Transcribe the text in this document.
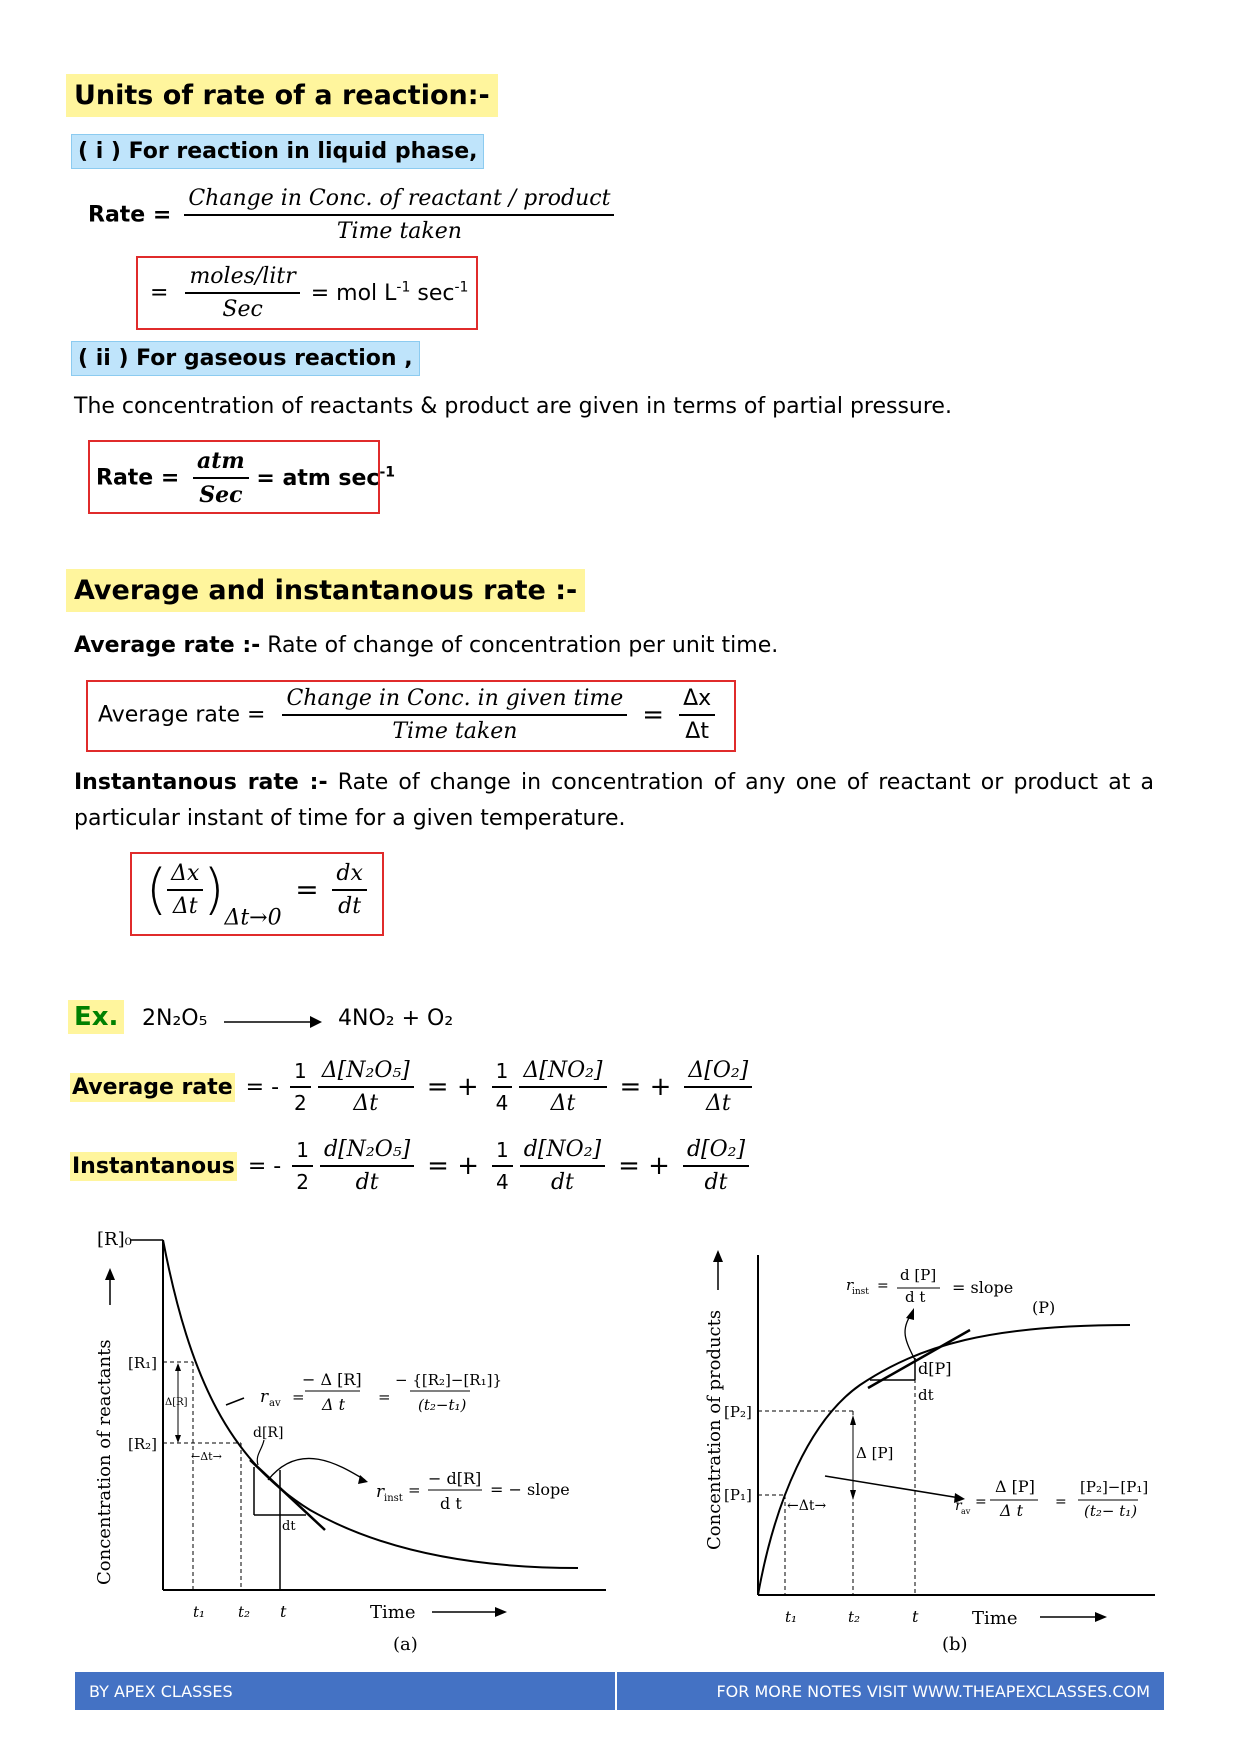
Units of rate of a reaction:-
( i ) For reaction in liquid phase,
Rate = $\frac{\text{Change in Conc. of reactant / product}}{\text{Time taken}}$
= $\frac{\text{moles/litr}}{\text{Sec}}$ = mol $L^{-1}$ $\sec^{-1}$
( ii ) For gaseous reaction ,
The concentration of reactants & product are given in terms of partial pressure.
Rate = $\frac{\text{atm}}{\text{Sec}}$ = atm $\sec^{-1}$
Average and instantanous rate :-
Average rate :- Rate of change of concentration per unit time.
Average rate = $\frac{\text{Change in Conc. in given time}}{\text{Time taken}} = \frac{\Delta x}{\Delta t}$
Instantanous rate :- Rate of change in concentration of any one of reactant or product at a particular instant of time for a given temperature.
( $\frac{\Delta x}{\Delta t} )\Delta t\to 0 = \frac{dx}{dt}$
Ex. 2N₂O₅	4NO₂ + O₂
Average rate = - $\frac{1}{2}$
$\frac{\text{Δ[N₂O₅]}}{\Delta t}$ = + $\frac{1}{4}$
$\frac{\text{Δ[NO₂]}}{\Delta t}$ = + $\frac{\text{Δ[O₂]}}{\Delta t}$
Instantanous = - $\frac{1}{2}$
$\frac{\text{d[N₂O₅]}}{dt}$ = + $\frac{1}{4}$
$\frac{\text{d[NO₂]}}{dt}$ = + $\frac{\text{d[O₂]}}{dt}$
[R]₀
[R₁]
[R₂]
Δ[R]
←Δt→
d[R]
dt
t₁ t₂ t	Time
(a)
Concentration of reactants	r av =
− Δ [R]
Δ t =
− {[R₂]−[R₁]}
(t₂−t₁)
r inst =
− d[R]
d t
= − slope	Concentration of products [P₂]
[P₁]
(P)
d[P]
dt
Δ [P]
←Δt→
t₁	t₂	t	Time
(b)
r
inst =
d [P]
d t = slope
r av
=
Δ [P]
Δ t =
[P₂]−[P₁]
(t₂− t₁)
BY APEX CLASSES	FOR MORE NOTES VISIT WWW.THEAPEXCLASSES.COM
